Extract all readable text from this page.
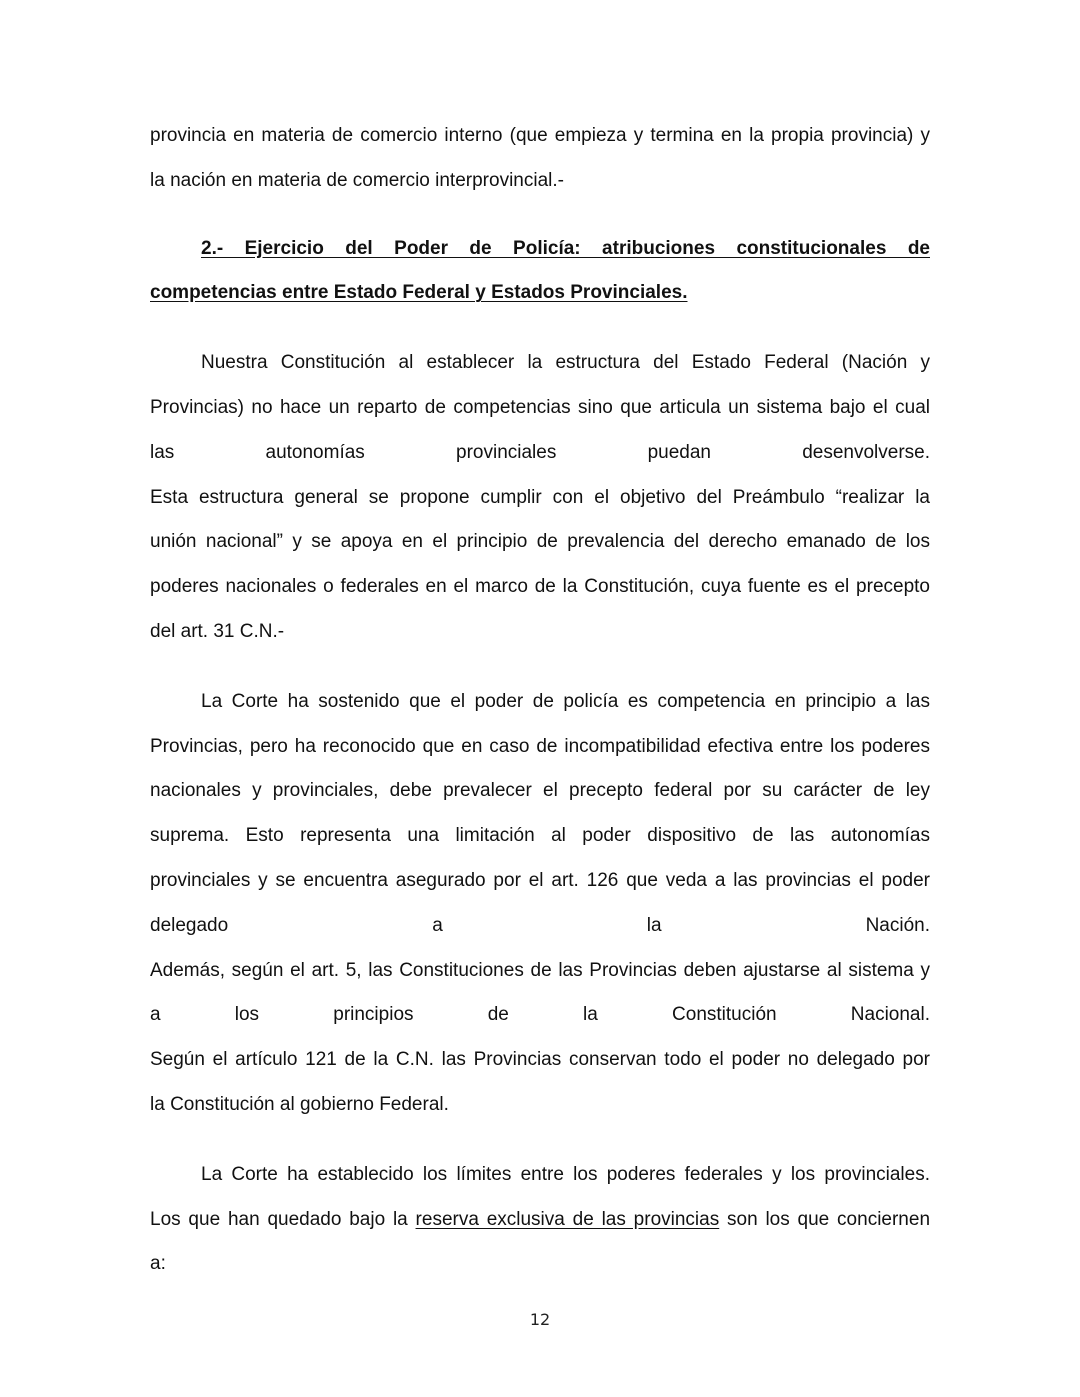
provincia en materia de comercio interno (que empieza y termina en la propia provincia) y
la nación en materia de comercio interprovincial.-
2.- Ejercicio del Poder de Policía: atribuciones constitucionales de
competencias entre Estado Federal y Estados Provinciales.
Nuestra Constitución al establecer la estructura del Estado Federal (Nación y
Provincias) no hace un reparto de competencias sino que articula un sistema bajo el cual
las autonomías provinciales puedan desenvolverse.
Esta estructura general se propone cumplir con el objetivo del Preámbulo “realizar la
unión nacional” y se apoya en el principio de prevalencia del derecho emanado de los
poderes nacionales o federales en el marco de la Constitución, cuya fuente es el precepto
del art. 31 C.N.-
La Corte ha sostenido que el poder de policía es competencia en principio a las
Provincias, pero ha reconocido que en caso de incompatibilidad efectiva entre los poderes
nacionales y provinciales, debe prevalecer el precepto federal por su carácter de ley
suprema. Esto representa una limitación al poder dispositivo de las autonomías
provinciales y se encuentra asegurado por el art. 126 que veda a las provincias el poder
delegado a la Nación.
Además, según el art. 5, las Constituciones de las Provincias deben ajustarse al sistema y
a los principios de la Constitución Nacional.
Según el artículo 121 de la C.N. las Provincias conservan todo el poder no delegado por
la Constitución al gobierno Federal.
La Corte ha establecido los límites entre los poderes federales y los provinciales.
Los que han quedado bajo la reserva exclusiva de las provincias son los que conciernen
a:
12
